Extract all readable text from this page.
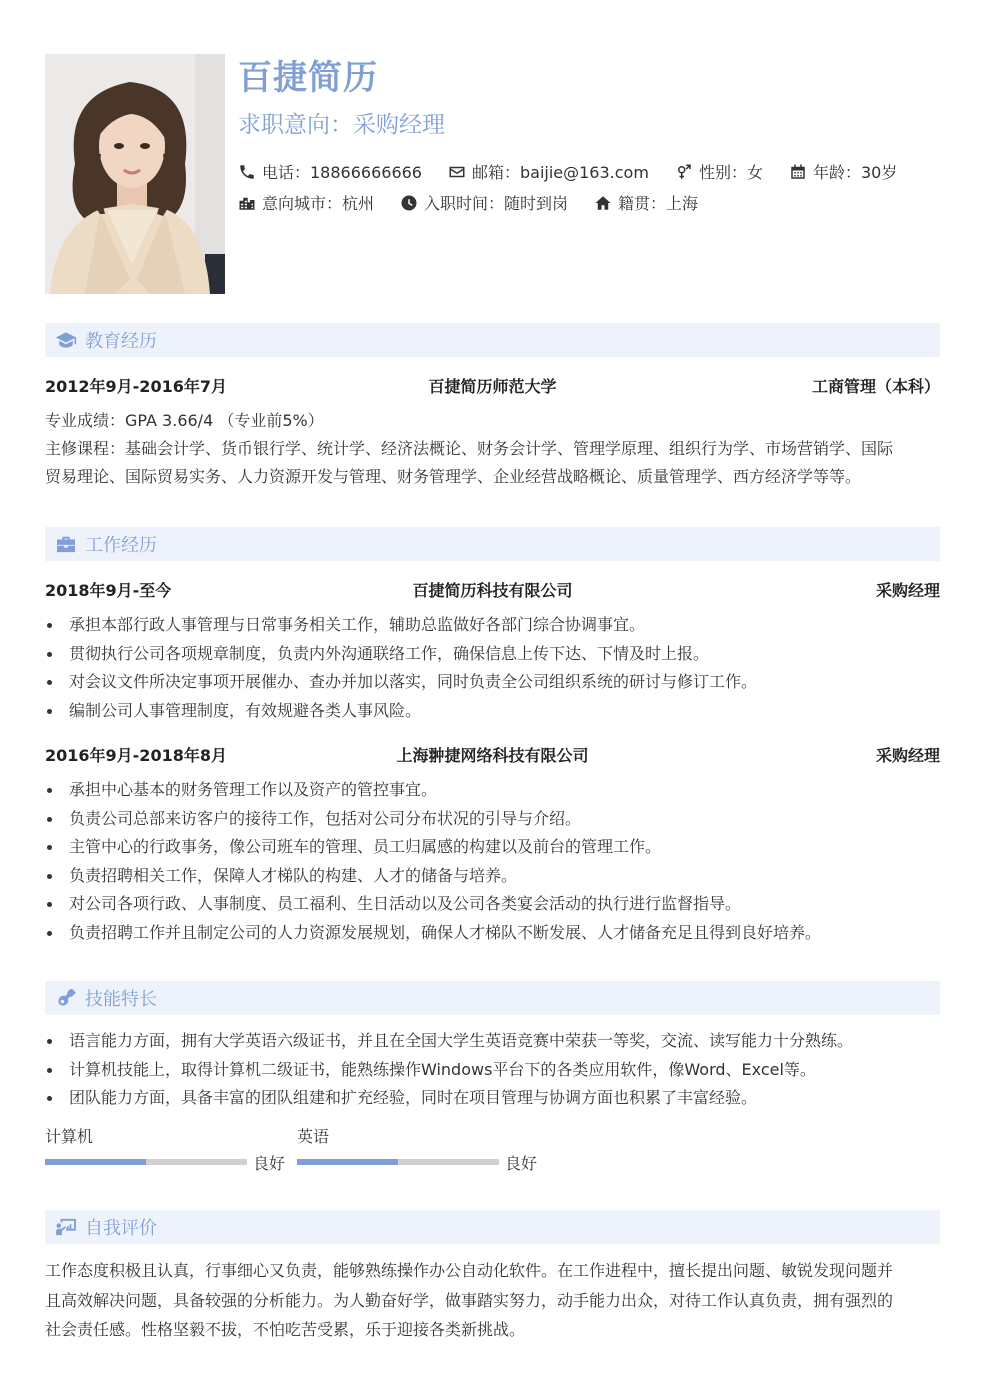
百捷简历
求职意向：采购经理
电话：18866666666	邮箱：baijie@163.com	性别：女	年龄：30岁
意向城市：杭州	入职时间：随时到岗	籍贯：上海
教育经历
2012年9月-2016年7月	百捷简历师范大学	工商管理（本科）
专业成绩：GPA 3.66/4 （专业前5%）
主修课程：基础会计学、货币银行学、统计学、经济法概论、财务会计学、管理学原理、组织行为学、市场营销学、国际
贸易理论、国际贸易实务、人力资源开发与管理、财务管理学、企业经营战略概论、质量管理学、西方经济学等等。
工作经历
2018年9月-至今	百捷简历科技有限公司	采购经理
承担本部行政人事管理与日常事务相关工作，辅助总监做好各部门综合协调事宜。
贯彻执行公司各项规章制度，负责内外沟通联络工作，确保信息上传下达、下情及时上报。
对会议文件所决定事项开展催办、查办并加以落实，同时负责全公司组织系统的研讨与修订工作。
编制公司人事管理制度，有效规避各类人事风险。
2016年9月-2018年8月	上海翀捷网络科技有限公司	采购经理
承担中心基本的财务管理工作以及资产的管控事宜。
负责公司总部来访客户的接待工作，包括对公司分布状况的引导与介绍。
主管中心的行政事务，像公司班车的管理、员工归属感的构建以及前台的管理工作。
负责招聘相关工作，保障人才梯队的构建、人才的储备与培养。
对公司各项行政、人事制度、员工福利、生日活动以及公司各类宴会活动的执行进行监督指导。
负责招聘工作并且制定公司的人力资源发展规划，确保人才梯队不断发展、人才储备充足且得到良好培养。
技能特长
语言能力方面，拥有大学英语六级证书，并且在全国大学生英语竞赛中荣获一等奖，交流、读写能力十分熟练。
计算机技能上，取得计算机二级证书，能熟练操作Windows平台下的各类应用软件，像Word、Excel等。
团队能力方面，具备丰富的团队组建和扩充经验，同时在项目管理与协调方面也积累了丰富经验。
计算机
良好
英语
良好
自我评价
工作态度积极且认真，行事细心又负责，能够熟练操作办公自动化软件。在工作进程中，擅长提出问题、敏锐发现问题并
且高效解决问题，具备较强的分析能力。为人勤奋好学，做事踏实努力，动手能力出众，对待工作认真负责，拥有强烈的
社会责任感。性格坚毅不拔，不怕吃苦受累，乐于迎接各类新挑战。
